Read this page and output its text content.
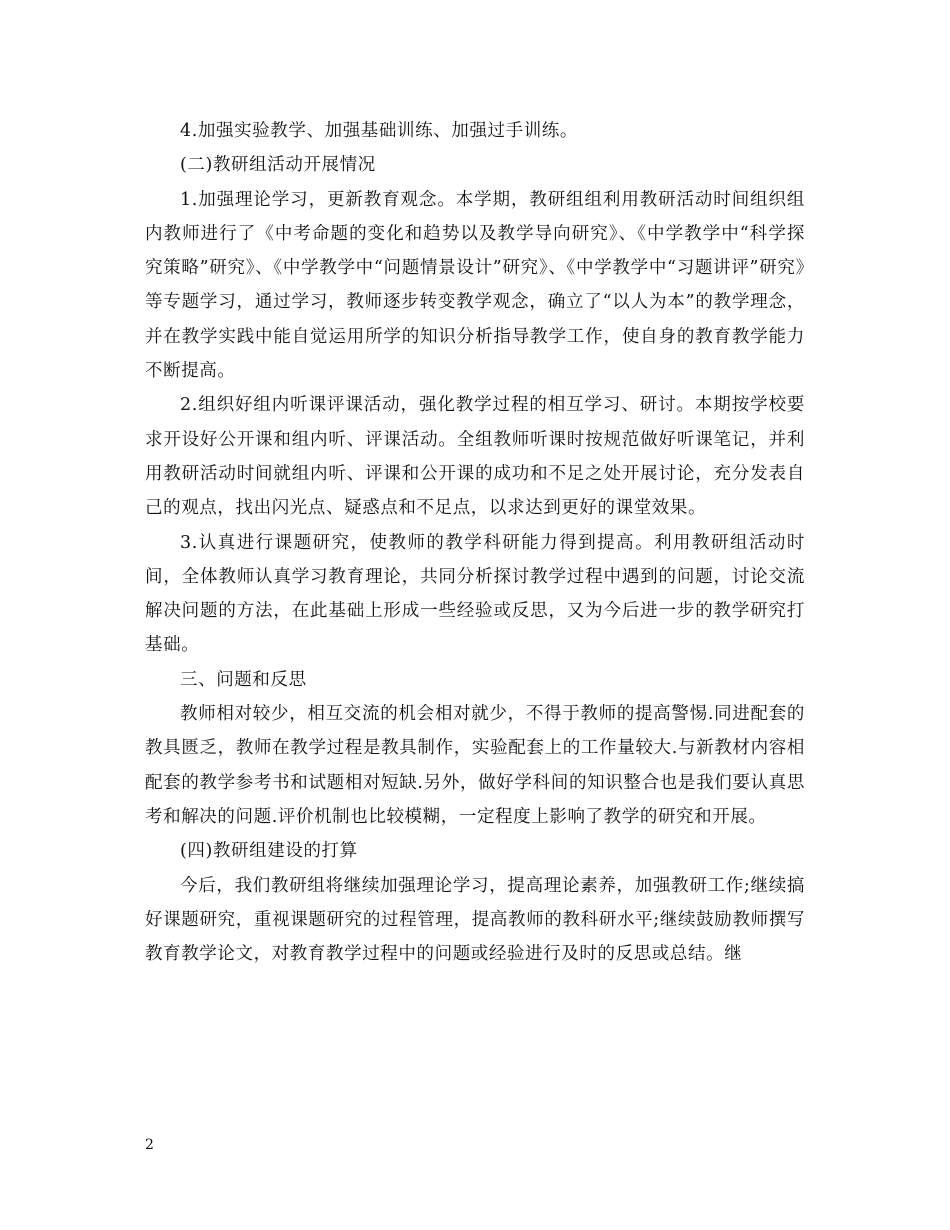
4.加强实验教学、加强基础训练、加强过手训练。

(二)教研组活动开展情况

1.加强理论学习，更新教育观念。本学期，教研组组利用教研活动时间组织组内教师进行了《中考命题的变化和趋势以及教学导向研究》、《中学教学中“科学探究策略”研究》、《中学教学中“问题情景设计”研究》、《中学教学中“习题讲评”研究》等专题学习，通过学习，教师逐步转变教学观念，确立了“以人为本”的教学理念，并在教学实践中能自觉运用所学的知识分析指导教学工作，使自身的教育教学能力不断提高。

2.组织好组内听课评课活动，强化教学过程的相互学习、研讨。本期按学校要求开设好公开课和组内听、评课活动。全组教师听课时按规范做好听课笔记，并利用教研活动时间就组内听、评课和公开课的成功和不足之处开展讨论，充分发表自己的观点，找出闪光点、疑惑点和不足点，以求达到更好的课堂效果。

3.认真进行课题研究，使教师的教学科研能力得到提高。利用教研组活动时间，全体教师认真学习教育理论，共同分析探讨教学过程中遇到的问题，讨论交流解决问题的方法，在此基础上形成一些经验或反思，又为今后进一步的教学研究打基础。

三、问题和反思

教师相对较少，相互交流的机会相对就少，不得于教师的提高警惕.同进配套的教具匮乏，教师在教学过程是教具制作，实验配套上的工作量较大.与新教材内容相配套的教学参考书和试题相对短缺.另外，做好学科间的知识整合也是我们要认真思考和解决的问题.评价机制也比较模糊，一定程度上影响了教学的研究和开展。

(四)教研组建设的打算

今后，我们教研组将继续加强理论学习，提高理论素养，加强教研工作;继续搞好课题研究，重视课题研究的过程管理，提高教师的教科研水平;继续鼓励教师撰写教育教学论文，对教育教学过程中的问题或经验进行及时的反思或总结。继

2
